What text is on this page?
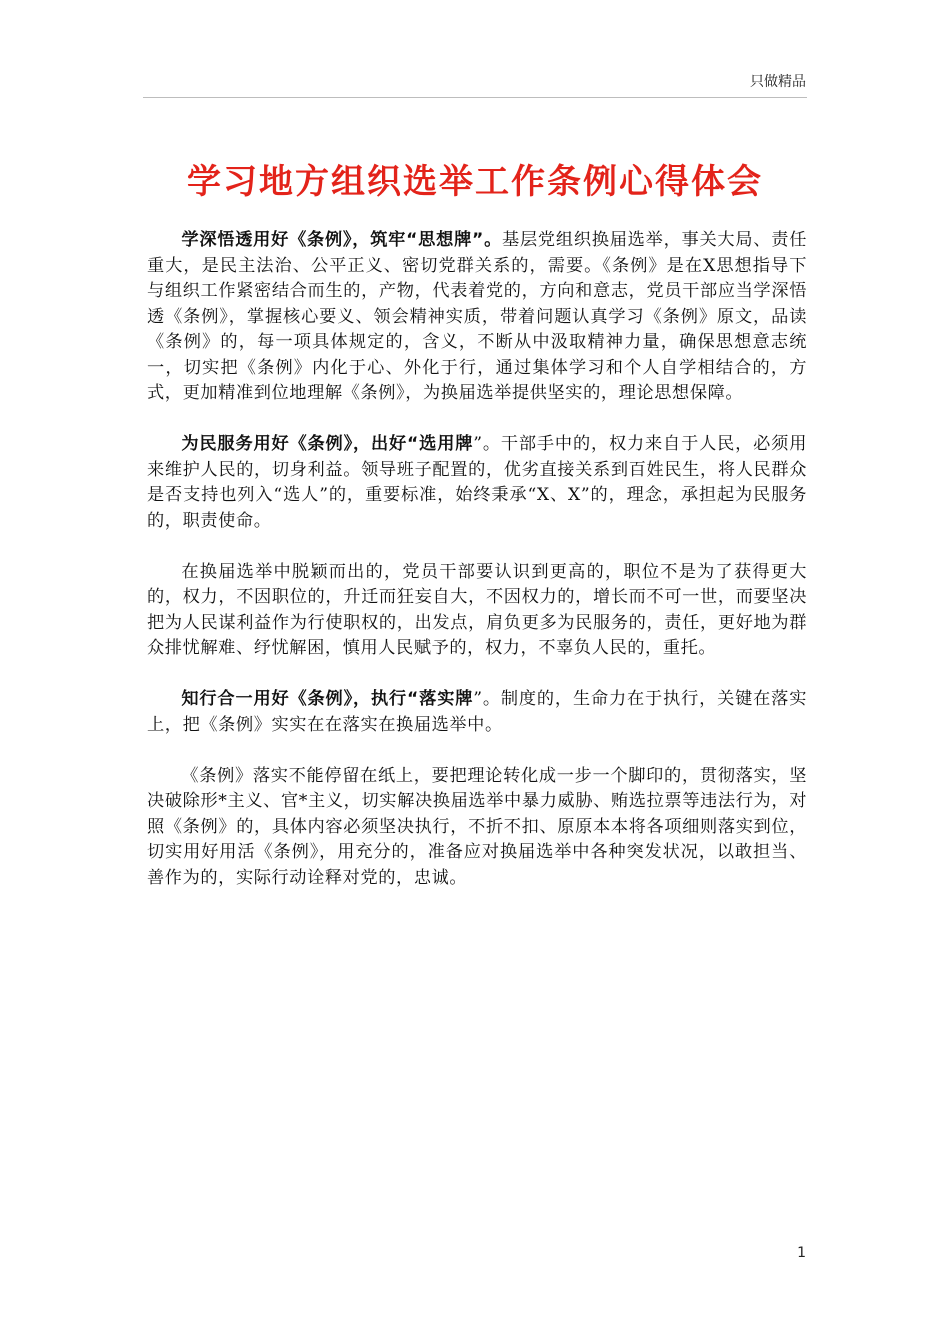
只做精品
学习地方组织选举工作条例心得体会

学深悟透用好《条例》，筑牢“思想牌”。基层党组织换届选举，事关大局、责任重大，是民主法治、公平正义、密切党群关系的，需要。《条例》是在X思想指导下与组织工作紧密结合而生的，产物，代表着党的，方向和意志，党员干部应当学深悟透《条例》，掌握核心要义、领会精神实质，带着问题认真学习《条例》原文，品读《条例》的，每一项具体规定的，含义，不断从中汲取精神力量，确保思想意志统一，切实把《条例》内化于心、外化于行，通过集体学习和个人自学相结合的，方式，更加精准到位地理解《条例》，为换届选举提供坚实的，理论思想保障。

为民服务用好《条例》，出好“选用牌”。干部手中的，权力来自于人民，必须用来维护人民的，切身利益。领导班子配置的，优劣直接关系到百姓民生，将人民群众是否支持也列入“选人”的，重要标准，始终秉承“X、X”的，理念，承担起为民服务的，职责使命。

在换届选举中脱颖而出的，党员干部要认识到更高的，职位不是为了获得更大的，权力，不因职位的，升迁而狂妄自大，不因权力的，增长而不可一世，而要坚决把为人民谋利益作为行使职权的，出发点，肩负更多为民服务的，责任，更好地为群众排忧解难、纾忧解困，慎用人民赋予的，权力，不辜负人民的，重托。

知行合一用好《条例》，执行“落实牌”。制度的，生命力在于执行，关键在落实上，把《条例》实实在在落实在换届选举中。

《条例》落实不能停留在纸上，要把理论转化成一步一个脚印的，贯彻落实，坚决破除形*主义、官*主义，切实解决换届选举中暴力威胁、贿选拉票等违法行为，对照《条例》的，具体内容必须坚决执行，不折不扣、原原本本将各项细则落实到位，切实用好用活《条例》，用充分的，准备应对换届选举中各种突发状况，以敢担当、善作为的，实际行动诠释对党的，忠诚。

1
